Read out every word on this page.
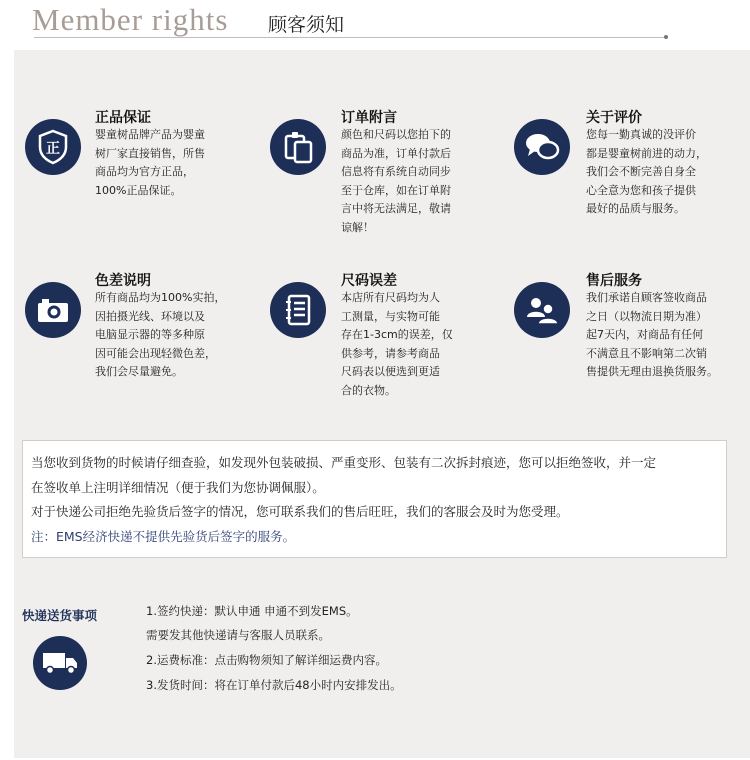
Member rights 顾客须知
正
正品保证
婴童树品牌产品为婴童
树厂家直接销售，所售
商品均为官方正品，
100%正品保证。
订单附言
颜色和尺码以您拍下的
商品为准，订单付款后
信息将有系统自动同步
至于仓库，如在订单附
言中将无法满足，敬请
谅解！
关于评价
您每一勤真诚的没评价
都是婴童树前进的动力，
我们会不断完善自身全
心全意为您和孩子提供
最好的品质与服务。
色差说明
所有商品均为100%实拍，
因拍摄光线、环境以及
电脑显示器的等多种原
因可能会出现轻微色差，
我们会尽量避免。
尺码误差
本店所有尺码均为人
工测量，与实物可能
存在1-3cm的误差，仅
供参考，请参考商品
尺码表以便选到更适
合的衣物。
售后服务
我们承诺自顾客签收商品
之日（以物流日期为准）
起7天内，对商品有任何
不满意且不影响第二次销
售提供无理由退换货服务。
当您收到货物的时候请仔细查验，如发现外包装破损、严重变形、包装有二次拆封痕迹，您可以拒绝签收，并一定
在签收单上注明详细情况（便于我们为您协调佩服）。
对于快递公司拒绝先验货后签字的情况，您可联系我们的售后旺旺，我们的客服会及时为您受理。
注：EMS经济快递不提供先验货后签字的服务。
快递送货事项	1.签约快递：默认申通 申通不到发EMS。
需要发其他快递请与客服人员联系。
2.运费标准：点击购物须知了解详细运费内容。
3.发货时间：将在订单付款后48小时内安排发出。
